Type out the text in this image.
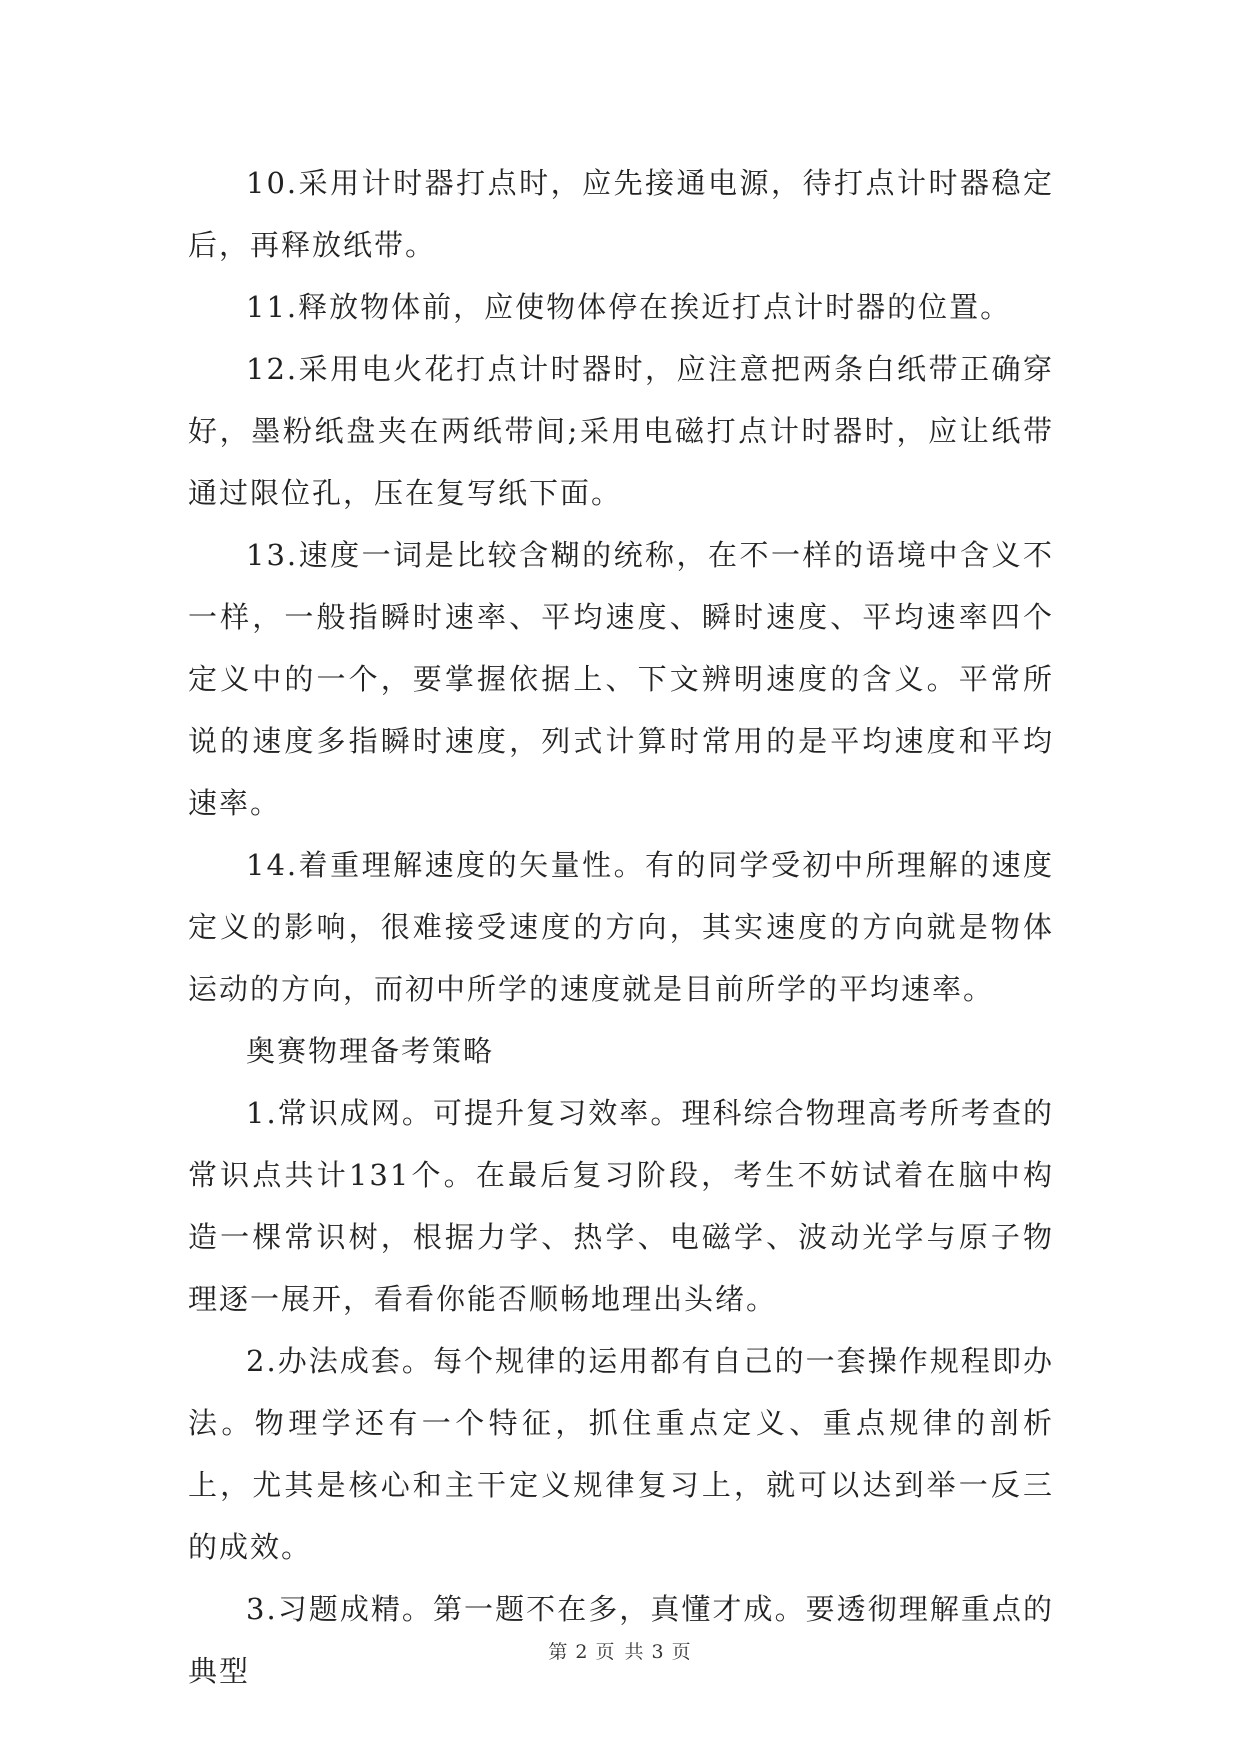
10.采用计时器打点时，应先接通电源，待打点计时器稳定后，再释放纸带。

11.释放物体前，应使物体停在挨近打点计时器的位置。

12.采用电火花打点计时器时，应注意把两条白纸带正确穿好，墨粉纸盘夹在两纸带间;采用电磁打点计时器时，应让纸带通过限位孔，压在复写纸下面。

13.速度一词是比较含糊的统称，在不一样的语境中含义不一样，一般指瞬时速率、平均速度、瞬时速度、平均速率四个定义中的一个，要掌握依据上、下文辨明速度的含义。平常所说的速度多指瞬时速度，列式计算时常用的是平均速度和平均速率。

14.着重理解速度的矢量性。有的同学受初中所理解的速度定义的影响，很难接受速度的方向，其实速度的方向就是物体运动的方向，而初中所学的速度就是目前所学的平均速率。

奥赛物理备考策略

1.常识成网。可提升复习效率。理科综合物理高考所考查的常识点共计131个。在最后复习阶段，考生不妨试着在脑中构造一棵常识树，根据力学、热学、电磁学、波动光学与原子物理逐一展开，看看你能否顺畅地理出头绪。

2.办法成套。每个规律的运用都有自己的一套操作规程即办法。物理学还有一个特征，抓住重点定义、重点规律的剖析上，尤其是核心和主干定义规律复习上，就可以达到举一反三的成效。

3.习题成精。第一题不在多，真懂才成。要透彻理解重点的典型

第 2 页 共 3 页
